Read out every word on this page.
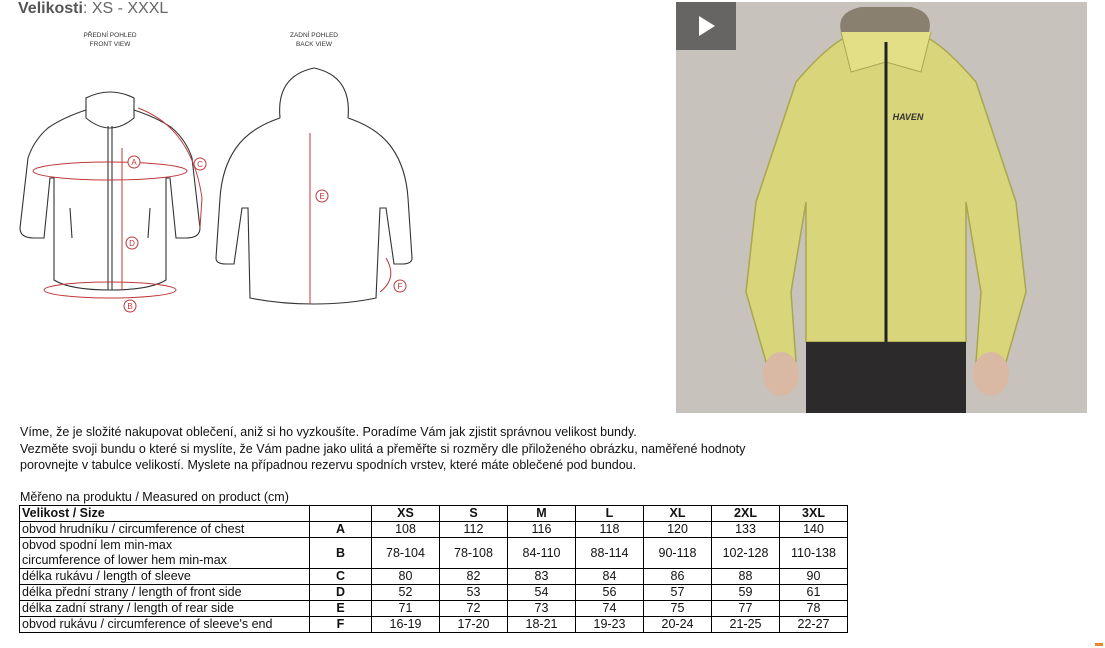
Velikosti: XS - XXXL
PŘEDNÍ POHLED
FRONT VIEW
ZADNÍ POHLED
BACK VIEW
A
B
C
D
E
F
HAVEN

Víme, že je složité nakupovat oblečení, aniž si ho vyzkoušíte. Poradíme Vám jak zjistit správnou velikost bundy.

Vezměte svoji bundu o které si myslíte, že Vám padne jako ulitá a přeměřte si rozměry dle přiloženého obrázku, naměřené hodnoty

porovnejte v tabulce velikostí. Myslete na případnou rezervu spodních vrstev, které máte oblečené pod bundou.

Měřeno na produktu / Measured on product (cm)
Velikost / Size		XS	S	M	L	XL	2XL	3XL
obvod hrudníku / circumference of chest	A	108	112	116	118	120	133	140
obvod spodní lem min-max
circumference of lower hem min-max	B	78-104	78-108	84-110	88-114	90-118	102-128	110-138
délka rukávu / length of sleeve	C	80	82	83	84	86	88	90
délka přední strany / length of front side	D	52	53	54	56	57	59	61
délka zadní strany / length of rear side	E	71	72	73	74	75	77	78
obvod rukávu / circumference of sleeve's end	F	16-19	17-20	18-21	19-23	20-24	21-25	22-27
